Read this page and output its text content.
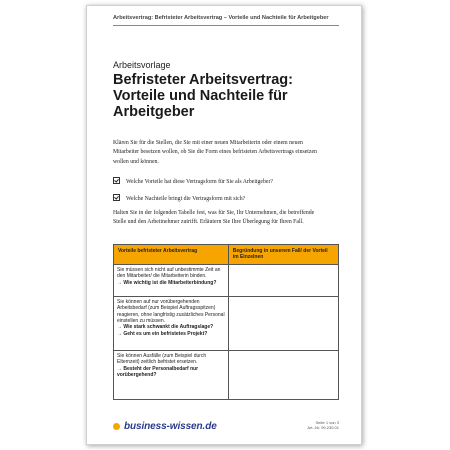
Arbeitsvertrag: Befristeter Arbeitsvertrag – Vorteile und Nachteile für Arbeitgeber
Arbeitsvorlage
Befristeter Arbeitsvertrag:
Vorteile und Nachteile für
Arbeitgeber
Klären Sie für die Stellen, die Sie mit einer neuen Mitarbeiterin oder einem neuen Mitarbeiter besetzen wollen, ob Sie die Form eines befristeten Arbeitsvertrags einsetzen wollen und können.
Welche Vorteile hat diese Vertragsform für Sie als Arbeitgeber?
Welche Nachteile bringt die Vertragsform mit sich?
Halten Sie in der folgenden Tabelle fest, was für Sie, Ihr Unternehmen, die betreffende Stelle und den Arbeitnehmer zutrifft. Erläutern Sie Ihre Überlegung für Ihren Fall.
Vorteile befristeter Arbeitsvertrag	Begründung in unserem Fall/ der Vorteil im Einzelnen
Sie müssen sich nicht auf unbestimmte Zeit an den Mitarbeiter/ die Mitarbeiterin binden.
→ Wie wichtig ist die Mitarbeiterbindung?	

Sie können auf nur vorübergehenden Arbeitsbedarf (zum Beispiel Auftragsspitzen) reagieren, ohne langfristig zusätzliches Personal einstellen zu müssen.
→ Wie stark schwankt die Auftragslage?
→ Geht es um ein befristetes Projekt?	

Sie können Ausfälle (zum Beispiel durch Elternzeit) zeitlich befristet ersetzen.
→ Besteht der Personalbedarf nur vorübergehend?	

business-wissen.de	Seite 1 von 3
Art.-Nr. 99.230.01
